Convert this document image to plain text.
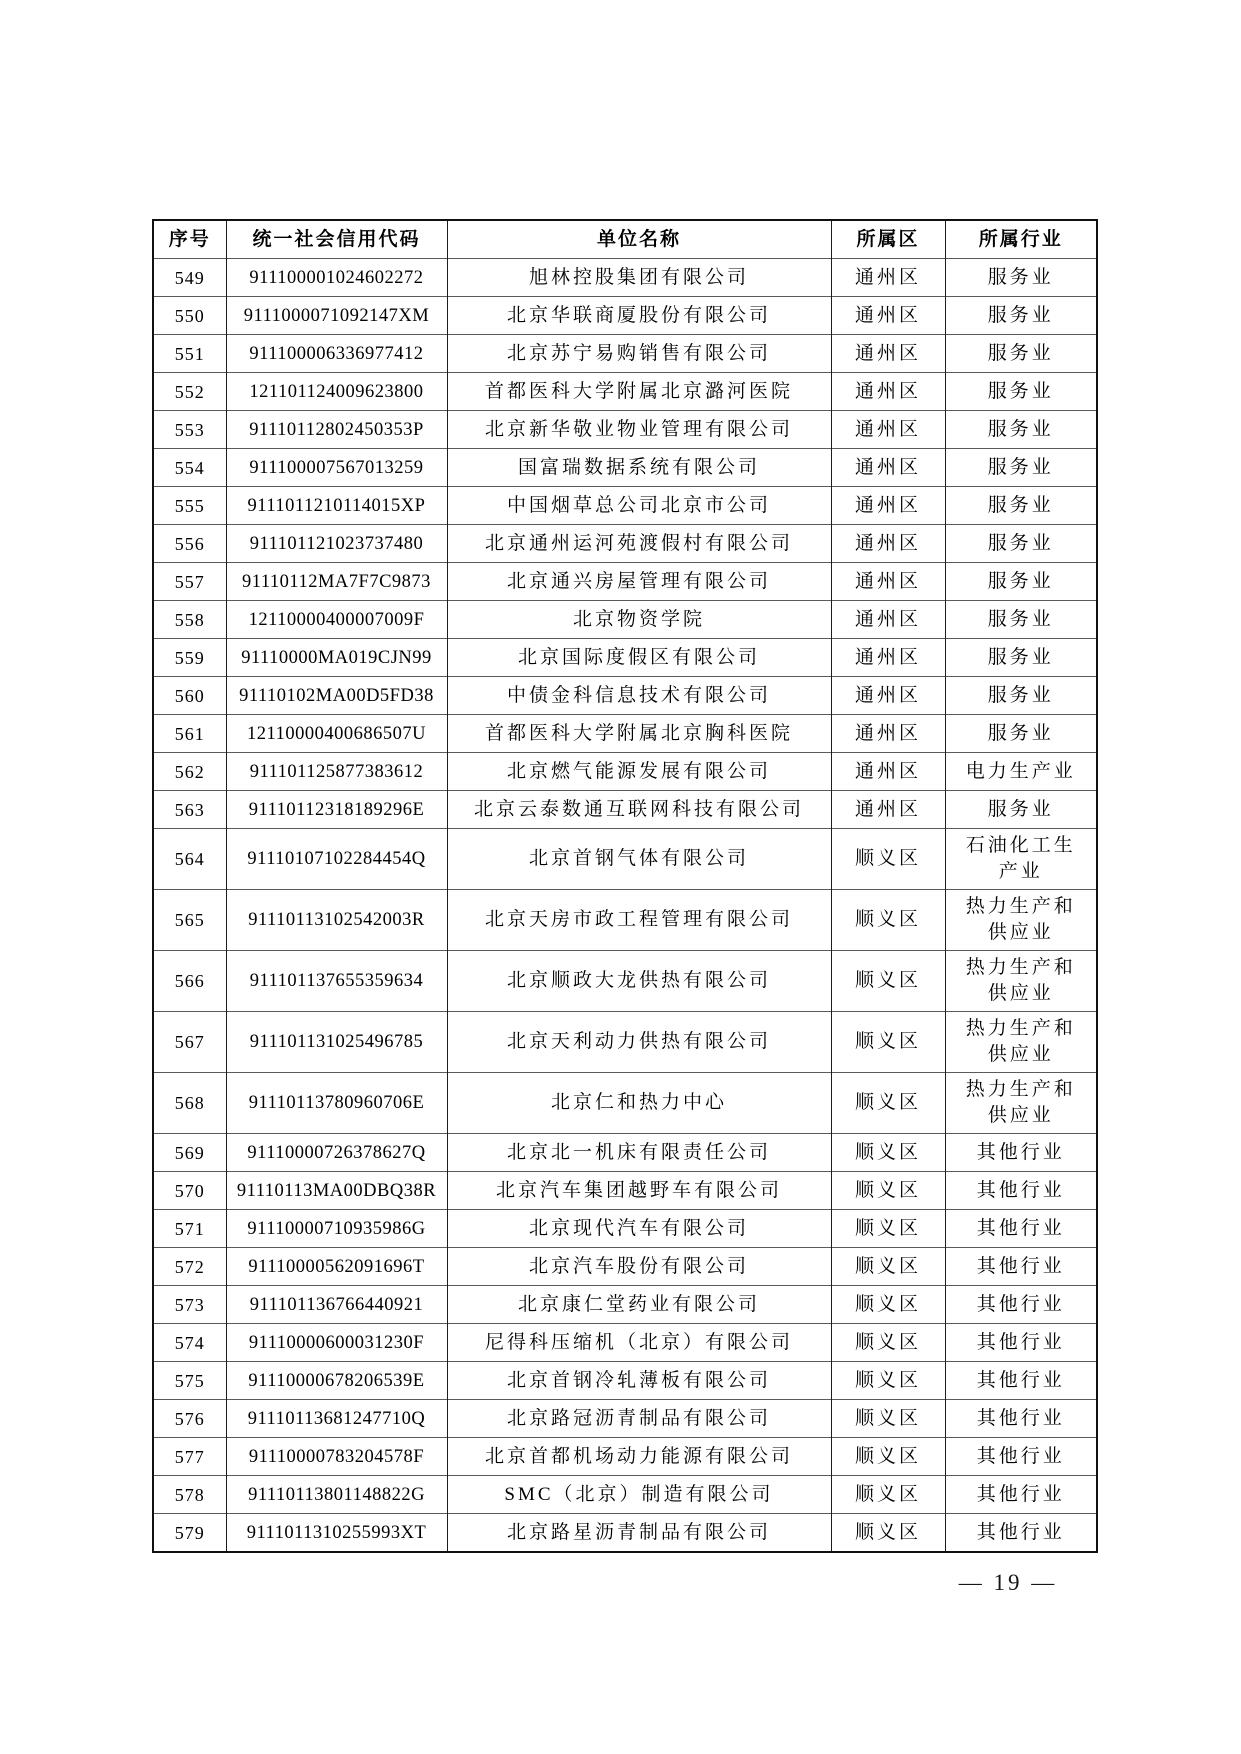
序号	统一社会信用代码	单位名称	所属区	所属行业
549	911100001024602272	旭林控股集团有限公司	通州区	服务业
550	9111000071092147XM	北京华联商厦股份有限公司	通州区	服务业
551	911100006336977412	北京苏宁易购销售有限公司	通州区	服务业
552	121101124009623800	首都医科大学附属北京潞河医院	通州区	服务业
553	91110112802450353P	北京新华敬业物业管理有限公司	通州区	服务业
554	911100007567013259	国富瑞数据系统有限公司	通州区	服务业
555	9111011210114015XP	中国烟草总公司北京市公司	通州区	服务业
556	911101121023737480	北京通州运河苑渡假村有限公司	通州区	服务业
557	91110112MA7F7C9873	北京通兴房屋管理有限公司	通州区	服务业
558	12110000400007009F	北京物资学院	通州区	服务业
559	91110000MA019CJN99	北京国际度假区有限公司	通州区	服务业
560	91110102MA00D5FD38	中债金科信息技术有限公司	通州区	服务业
561	12110000400686507U	首都医科大学附属北京胸科医院	通州区	服务业
562	911101125877383612	北京燃气能源发展有限公司	通州区	电力生产业
563	91110112318189296E	北京云泰数通互联网科技有限公司	通州区	服务业
564	91110107102284454Q	北京首钢气体有限公司	顺义区	石油化工生产业
565	91110113102542003R	北京天房市政工程管理有限公司	顺义区	热力生产和供应业
566	911101137655359634	北京顺政大龙供热有限公司	顺义区	热力生产和供应业
567	911101131025496785	北京天利动力供热有限公司	顺义区	热力生产和供应业
568	91110113780960706E	北京仁和热力中心	顺义区	热力生产和供应业
569	91110000726378627Q	北京北一机床有限责任公司	顺义区	其他行业
570	91110113MA00DBQ38R	北京汽车集团越野车有限公司	顺义区	其他行业
571	91110000710935986G	北京现代汽车有限公司	顺义区	其他行业
572	91110000562091696T	北京汽车股份有限公司	顺义区	其他行业
573	911101136766440921	北京康仁堂药业有限公司	顺义区	其他行业
574	91110000600031230F	尼得科压缩机（北京）有限公司	顺义区	其他行业
575	91110000678206539E	北京首钢冷轧薄板有限公司	顺义区	其他行业
576	91110113681247710Q	北京路冠沥青制品有限公司	顺义区	其他行业
577	91110000783204578F	北京首都机场动力能源有限公司	顺义区	其他行业
578	91110113801148822G	SMC（北京）制造有限公司	顺义区	其他行业
579	9111011310255993XT	北京路星沥青制品有限公司	顺义区	其他行业
— 19 —
